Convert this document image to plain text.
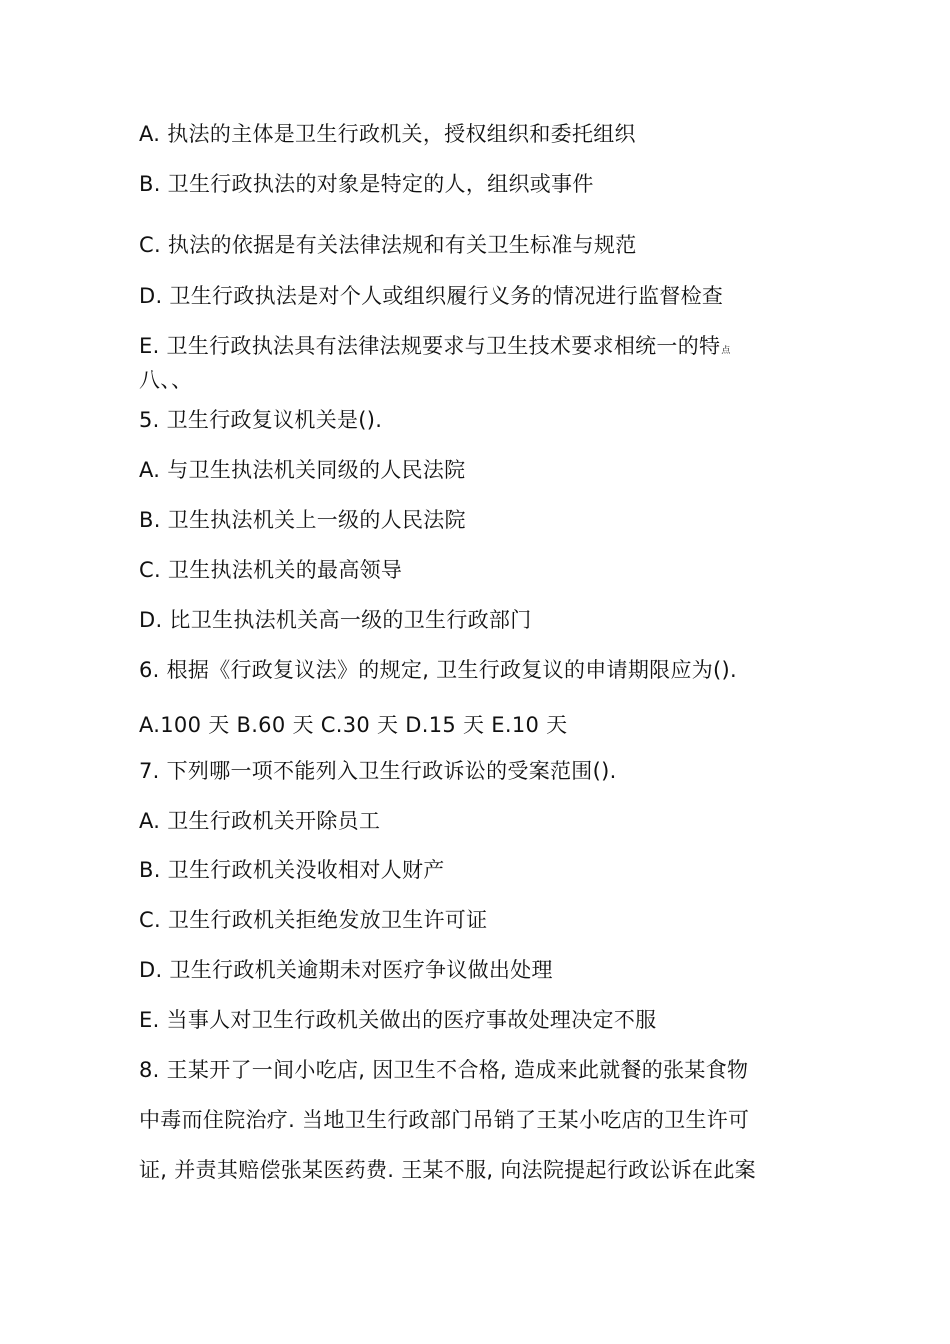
A. 执法的主体是卫生行政机关，授权组织和委托组织
B. 卫生行政执法的对象是特定的人，组织或事件
C. 执法的依据是有关法律法规和有关卫生标准与规范
D. 卫生行政执法是对个人或组织履行义务的情况进行监督检查
E. 卫生行政执法具有法律法规要求与卫生技术要求相统一的特点
八、、
5. 卫生行政复议机关是().
A. 与卫生执法机关同级的人民法院
B. 卫生执法机关上一级的人民法院
C. 卫生执法机关的最高领导
D. 比卫生执法机关高一级的卫生行政部门
6. 根据《行政复议法》的规定, 卫生行政复议的申请期限应为().
A.100 天 B.60 天 C.30 天 D.15 天 E.10 天
7. 下列哪一项不能列入卫生行政诉讼的受案范围().
A. 卫生行政机关开除员工
B. 卫生行政机关没收相对人财产
C. 卫生行政机关拒绝发放卫生许可证
D. 卫生行政机关逾期未对医疗争议做出处理
E. 当事人对卫生行政机关做出的医疗事故处理决定不服
8. 王某开了一间小吃店, 因卫生不合格, 造成来此就餐的张某食物
中毒而住院治疗. 当地卫生行政部门吊销了王某小吃店的卫生许可
证, 并责其赔偿张某医药费. 王某不服, 向法院提起行政讼诉在此案
